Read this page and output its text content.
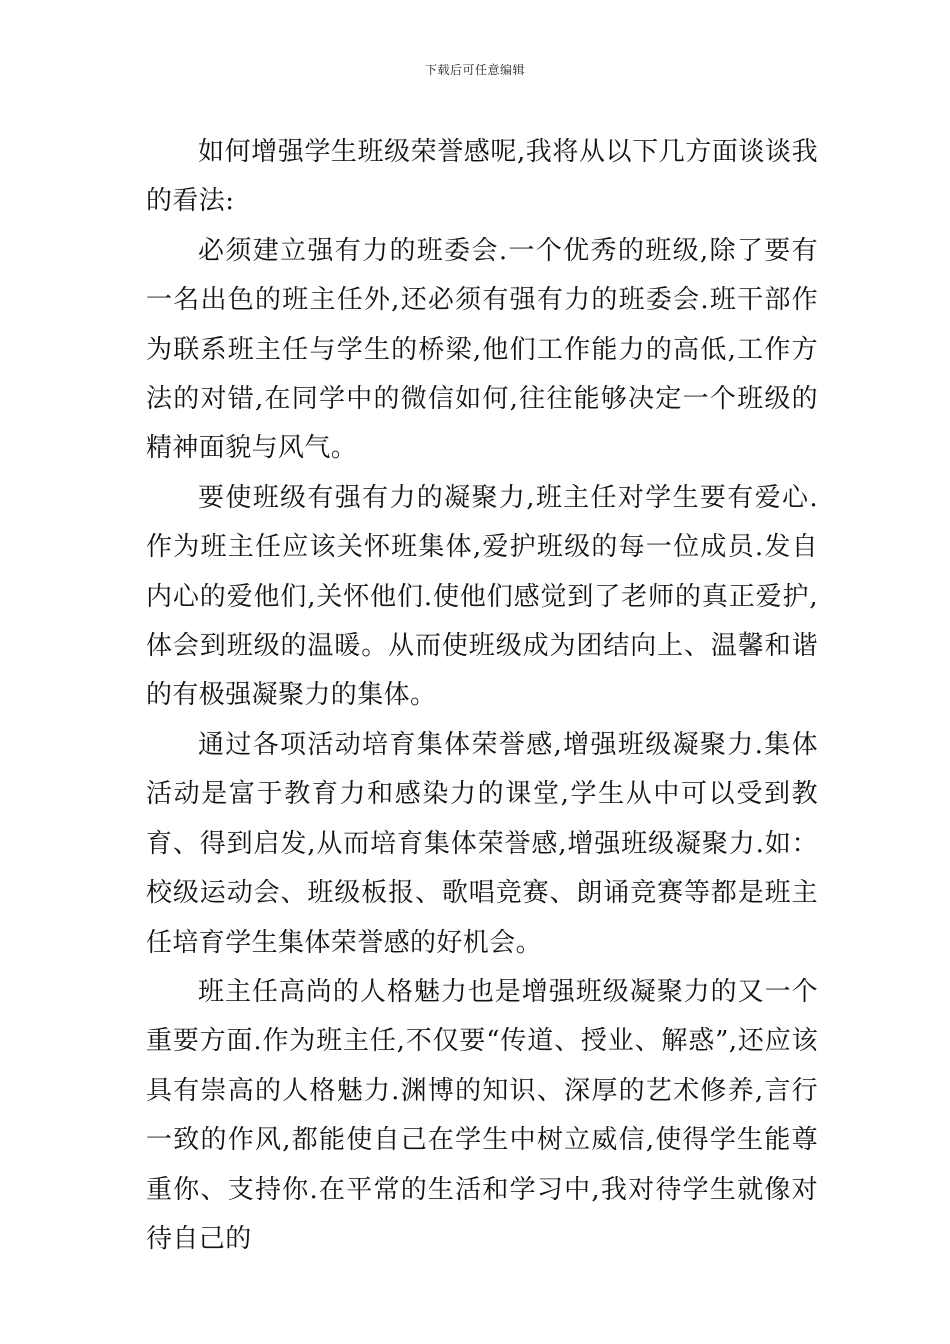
下载后可任意编辑

如何增强学生班级荣誉感呢,我将从以下几方面谈谈我的看法:

必须建立强有力的班委会.一个优秀的班级,除了要有一名出色的班主任外,还必须有强有力的班委会.班干部作为联系班主任与学生的桥梁,他们工作能力的高低,工作方法的对错,在同学中的微信如何,往往能够决定一个班级的精神面貌与风气。

要使班级有强有力的凝聚力,班主任对学生要有爱心.作为班主任应该关怀班集体,爱护班级的每一位成员.发自内心的爱他们,关怀他们.使他们感觉到了老师的真正爱护,体会到班级的温暖。从而使班级成为团结向上、温馨和谐的有极强凝聚力的集体。

通过各项活动培育集体荣誉感,增强班级凝聚力.集体活动是富于教育力和感染力的课堂,学生从中可以受到教育、得到启发,从而培育集体荣誉感,增强班级凝聚力.如：校级运动会、班级板报、歌唱竞赛、朗诵竞赛等都是班主任培育学生集体荣誉感的好机会。

班主任高尚的人格魅力也是增强班级凝聚力的又一个重要方面.作为班主任,不仅要“传道、授业、解惑”,还应该具有崇高的人格魅力.渊博的知识、深厚的艺术修养,言行一致的作风,都能使自己在学生中树立威信,使得学生能尊重你、支持你.在平常的生活和学习中,我对待学生就像对待自己的
